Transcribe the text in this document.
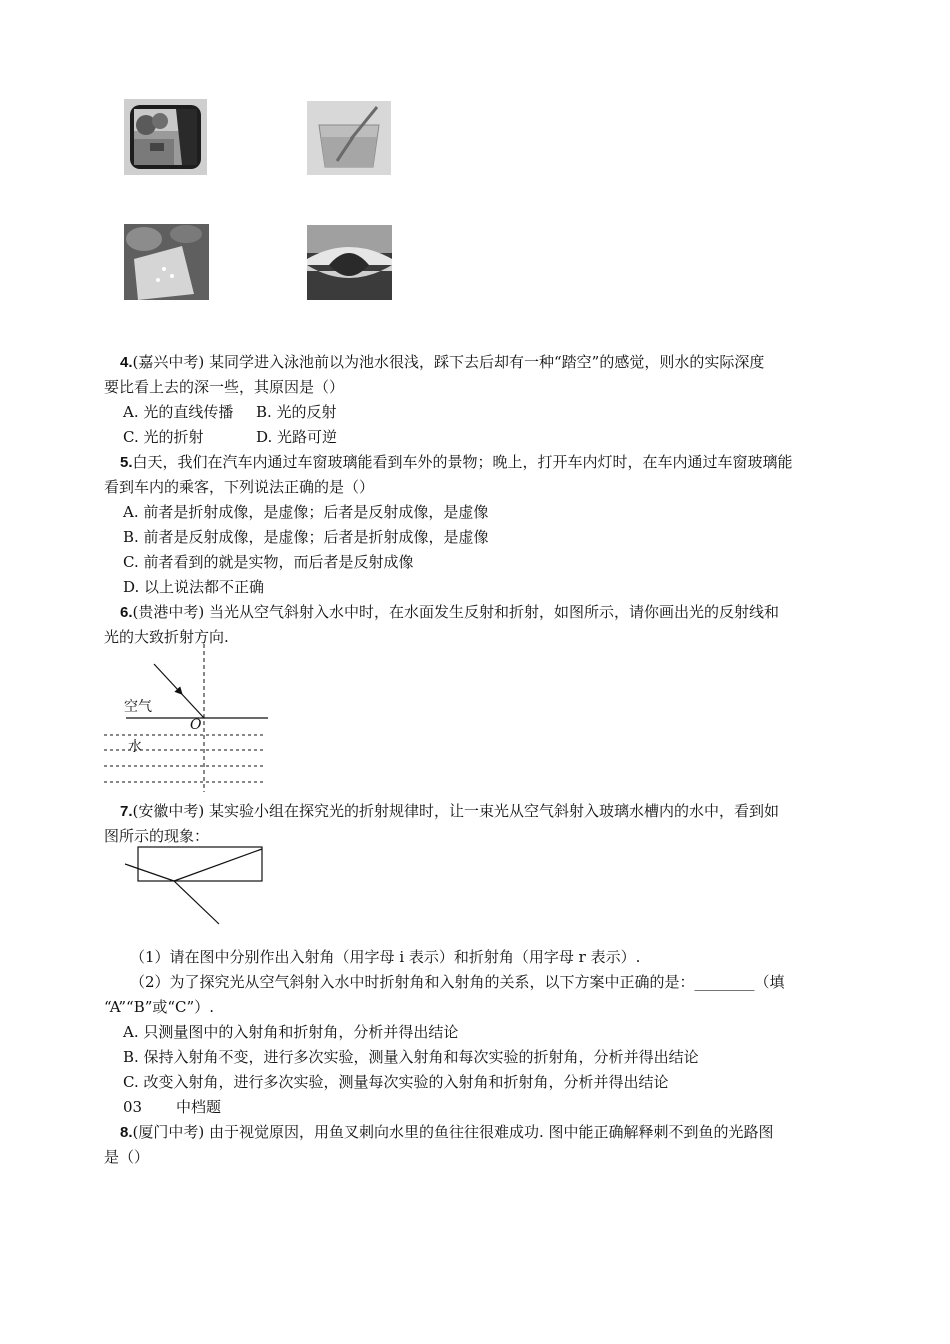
4.(嘉兴中考) 某同学进入泳池前以为池水很浅，踩下去后却有一种“踏空”的感觉，则水的实际深度
要比看上去的深一些，其原因是（）
A. 光的直线传播 B. 光的反射
C. 光的折射	D. 光路可逆
5.白天，我们在汽车内通过车窗玻璃能看到车外的景物；晚上，打开车内灯时，在车内通过车窗玻璃能
看到车内的乘客，下列说法正确的是（）
A. 前者是折射成像，是虚像；后者是反射成像，是虚像
B. 前者是反射成像，是虚像；后者是折射成像，是虚像
C. 前者看到的就是实物，而后者是反射成像
D. 以上说法都不正确
6.(贵港中考) 当光从空气斜射入水中时，在水面发生反射和折射，如图所示，请你画出光的反射线和
光的大致折射方向.
空气
O
水
7.(安徽中考) 某实验小组在探究光的折射规律时，让一束光从空气斜射入玻璃水槽内的水中，看到如
图所示的现象：
（1）请在图中分别作出入射角（用字母 i 表示）和折射角（用字母 r 表示）.
（2）为了探究光从空气斜射入水中时折射角和入射角的关系，以下方案中正确的是：________（填
“A”“B”或“C”）.
A. 只测量图中的入射角和折射角，分析并得出结论
B. 保持入射角不变，进行多次实验，测量入射角和每次实验的折射角，分析并得出结论
C. 改变入射角，进行多次实验，测量每次实验的入射角和折射角，分析并得出结论
03 中档题
8.(厦门中考) 由于视觉原因，用鱼叉刺向水里的鱼往往很难成功. 图中能正确解释刺不到鱼的光路图
是（）
